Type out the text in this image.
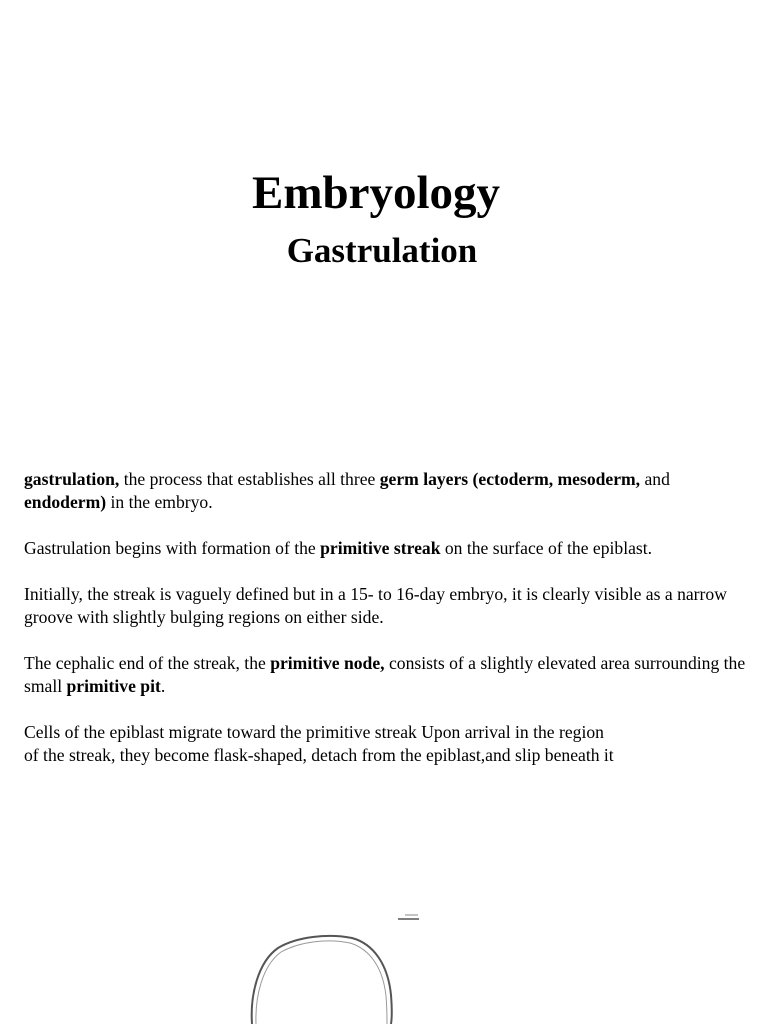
Embryology
Gastrulation

gastrulation, the process that establishes all three germ layers (ectoderm, mesoderm, and
endoderm) in the embryo.

Gastrulation begins with formation of the primitive streak on the surface of the epiblast.

Initially, the streak is vaguely defined but in a 15- to 16-day embryo, it is clearly visible as a narrow groove with slightly bulging regions on either side.

The cephalic end of the streak, the primitive node, consists of a slightly elevated area surrounding the small primitive pit.

Cells of the epiblast migrate toward the primitive streak Upon arrival in the region
of the streak, they become flask-shaped, detach from the epiblast,and slip beneath it
